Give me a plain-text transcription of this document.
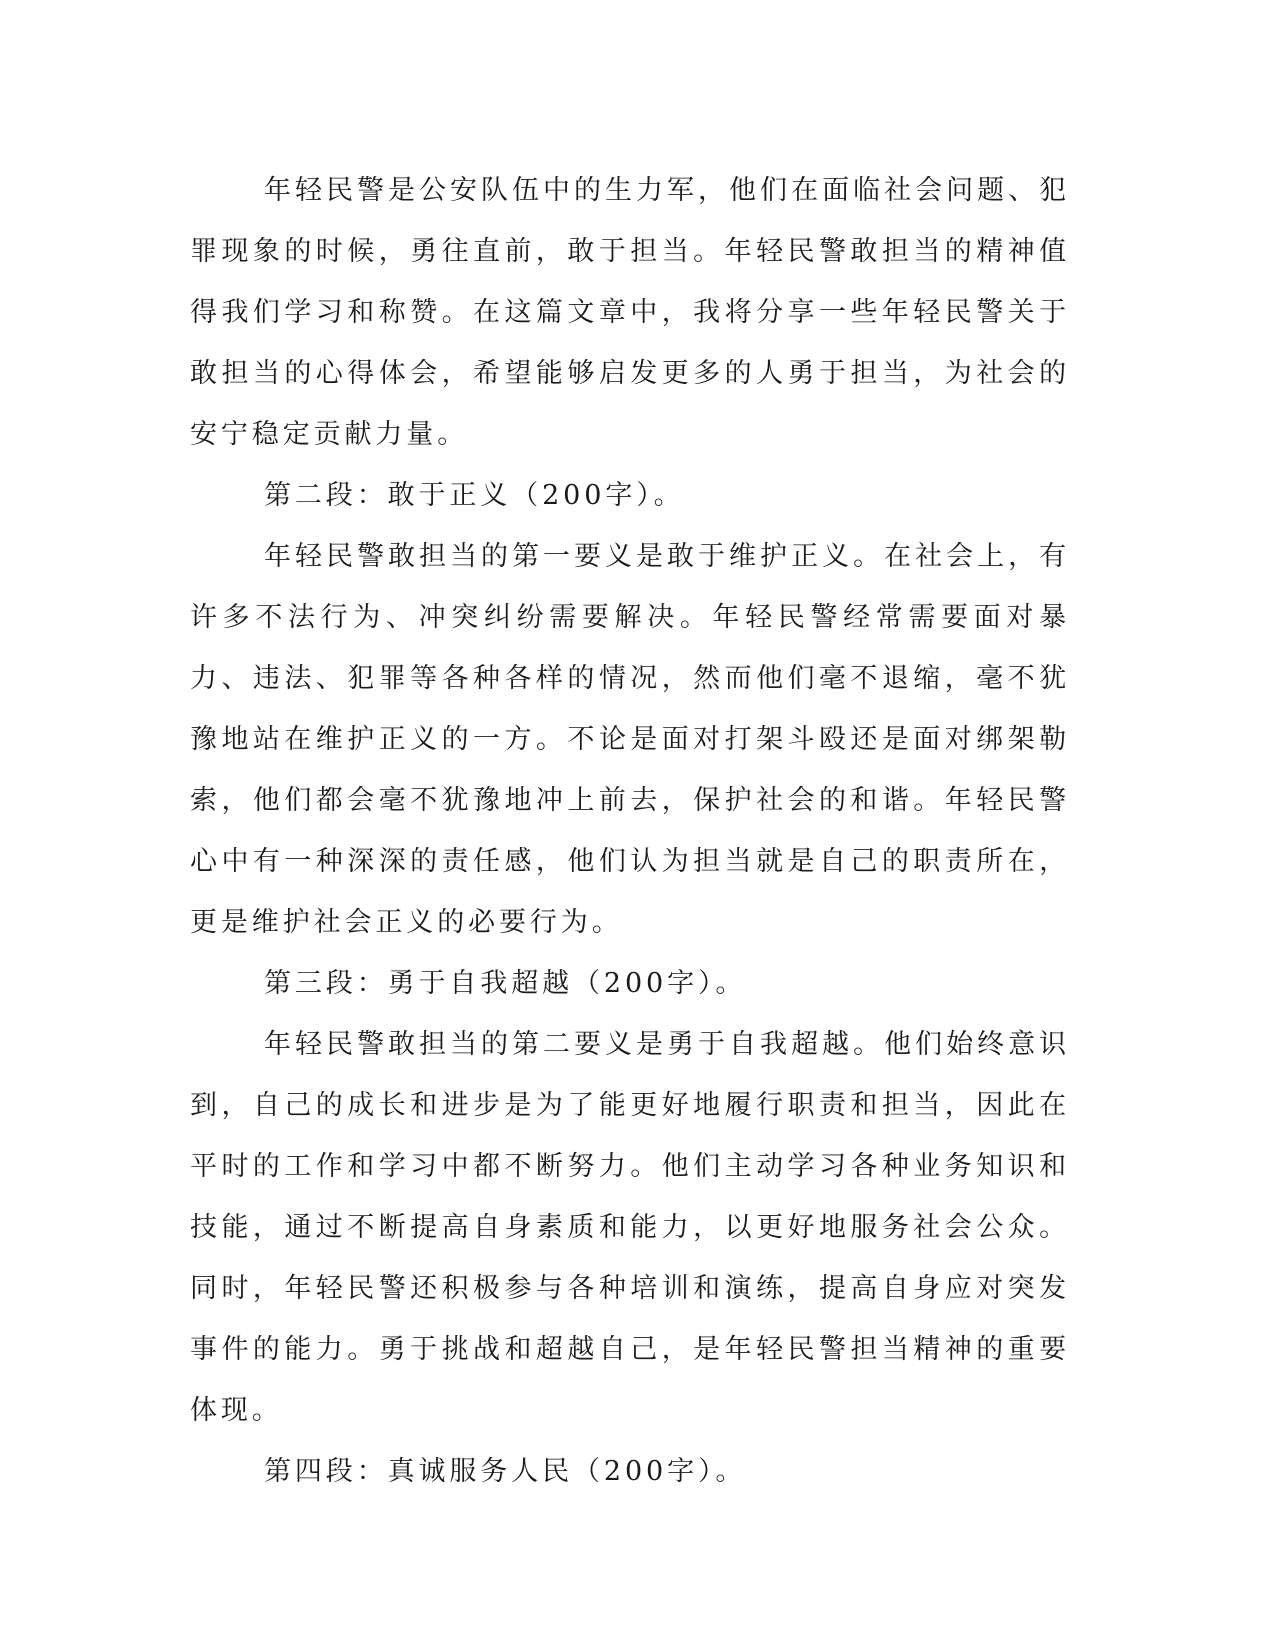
年轻民警是公安队伍中的生力军，他们在面临社会问题、犯罪现象的时候，勇往直前，敢于担当。年轻民警敢担当的精神值得我们学习和称赞。在这篇文章中，我将分享一些年轻民警关于敢担当的心得体会，希望能够启发更多的人勇于担当，为社会的安宁稳定贡献力量。

第二段：敢于正义（200字）。

年轻民警敢担当的第一要义是敢于维护正义。在社会上，有许多不法行为、冲突纠纷需要解决。年轻民警经常需要面对暴力、违法、犯罪等各种各样的情况，然而他们毫不退缩，毫不犹豫地站在维护正义的一方。不论是面对打架斗殴还是面对绑架勒索，他们都会毫不犹豫地冲上前去，保护社会的和谐。年轻民警心中有一种深深的责任感，他们认为担当就是自己的职责所在，更是维护社会正义的必要行为。

第三段：勇于自我超越（200字）。

年轻民警敢担当的第二要义是勇于自我超越。他们始终意识到，自己的成长和进步是为了能更好地履行职责和担当，因此在平时的工作和学习中都不断努力。他们主动学习各种业务知识和技能，通过不断提高自身素质和能力，以更好地服务社会公众。同时，年轻民警还积极参与各种培训和演练，提高自身应对突发事件的能力。勇于挑战和超越自己，是年轻民警担当精神的重要体现。

第四段：真诚服务人民（200字）。
